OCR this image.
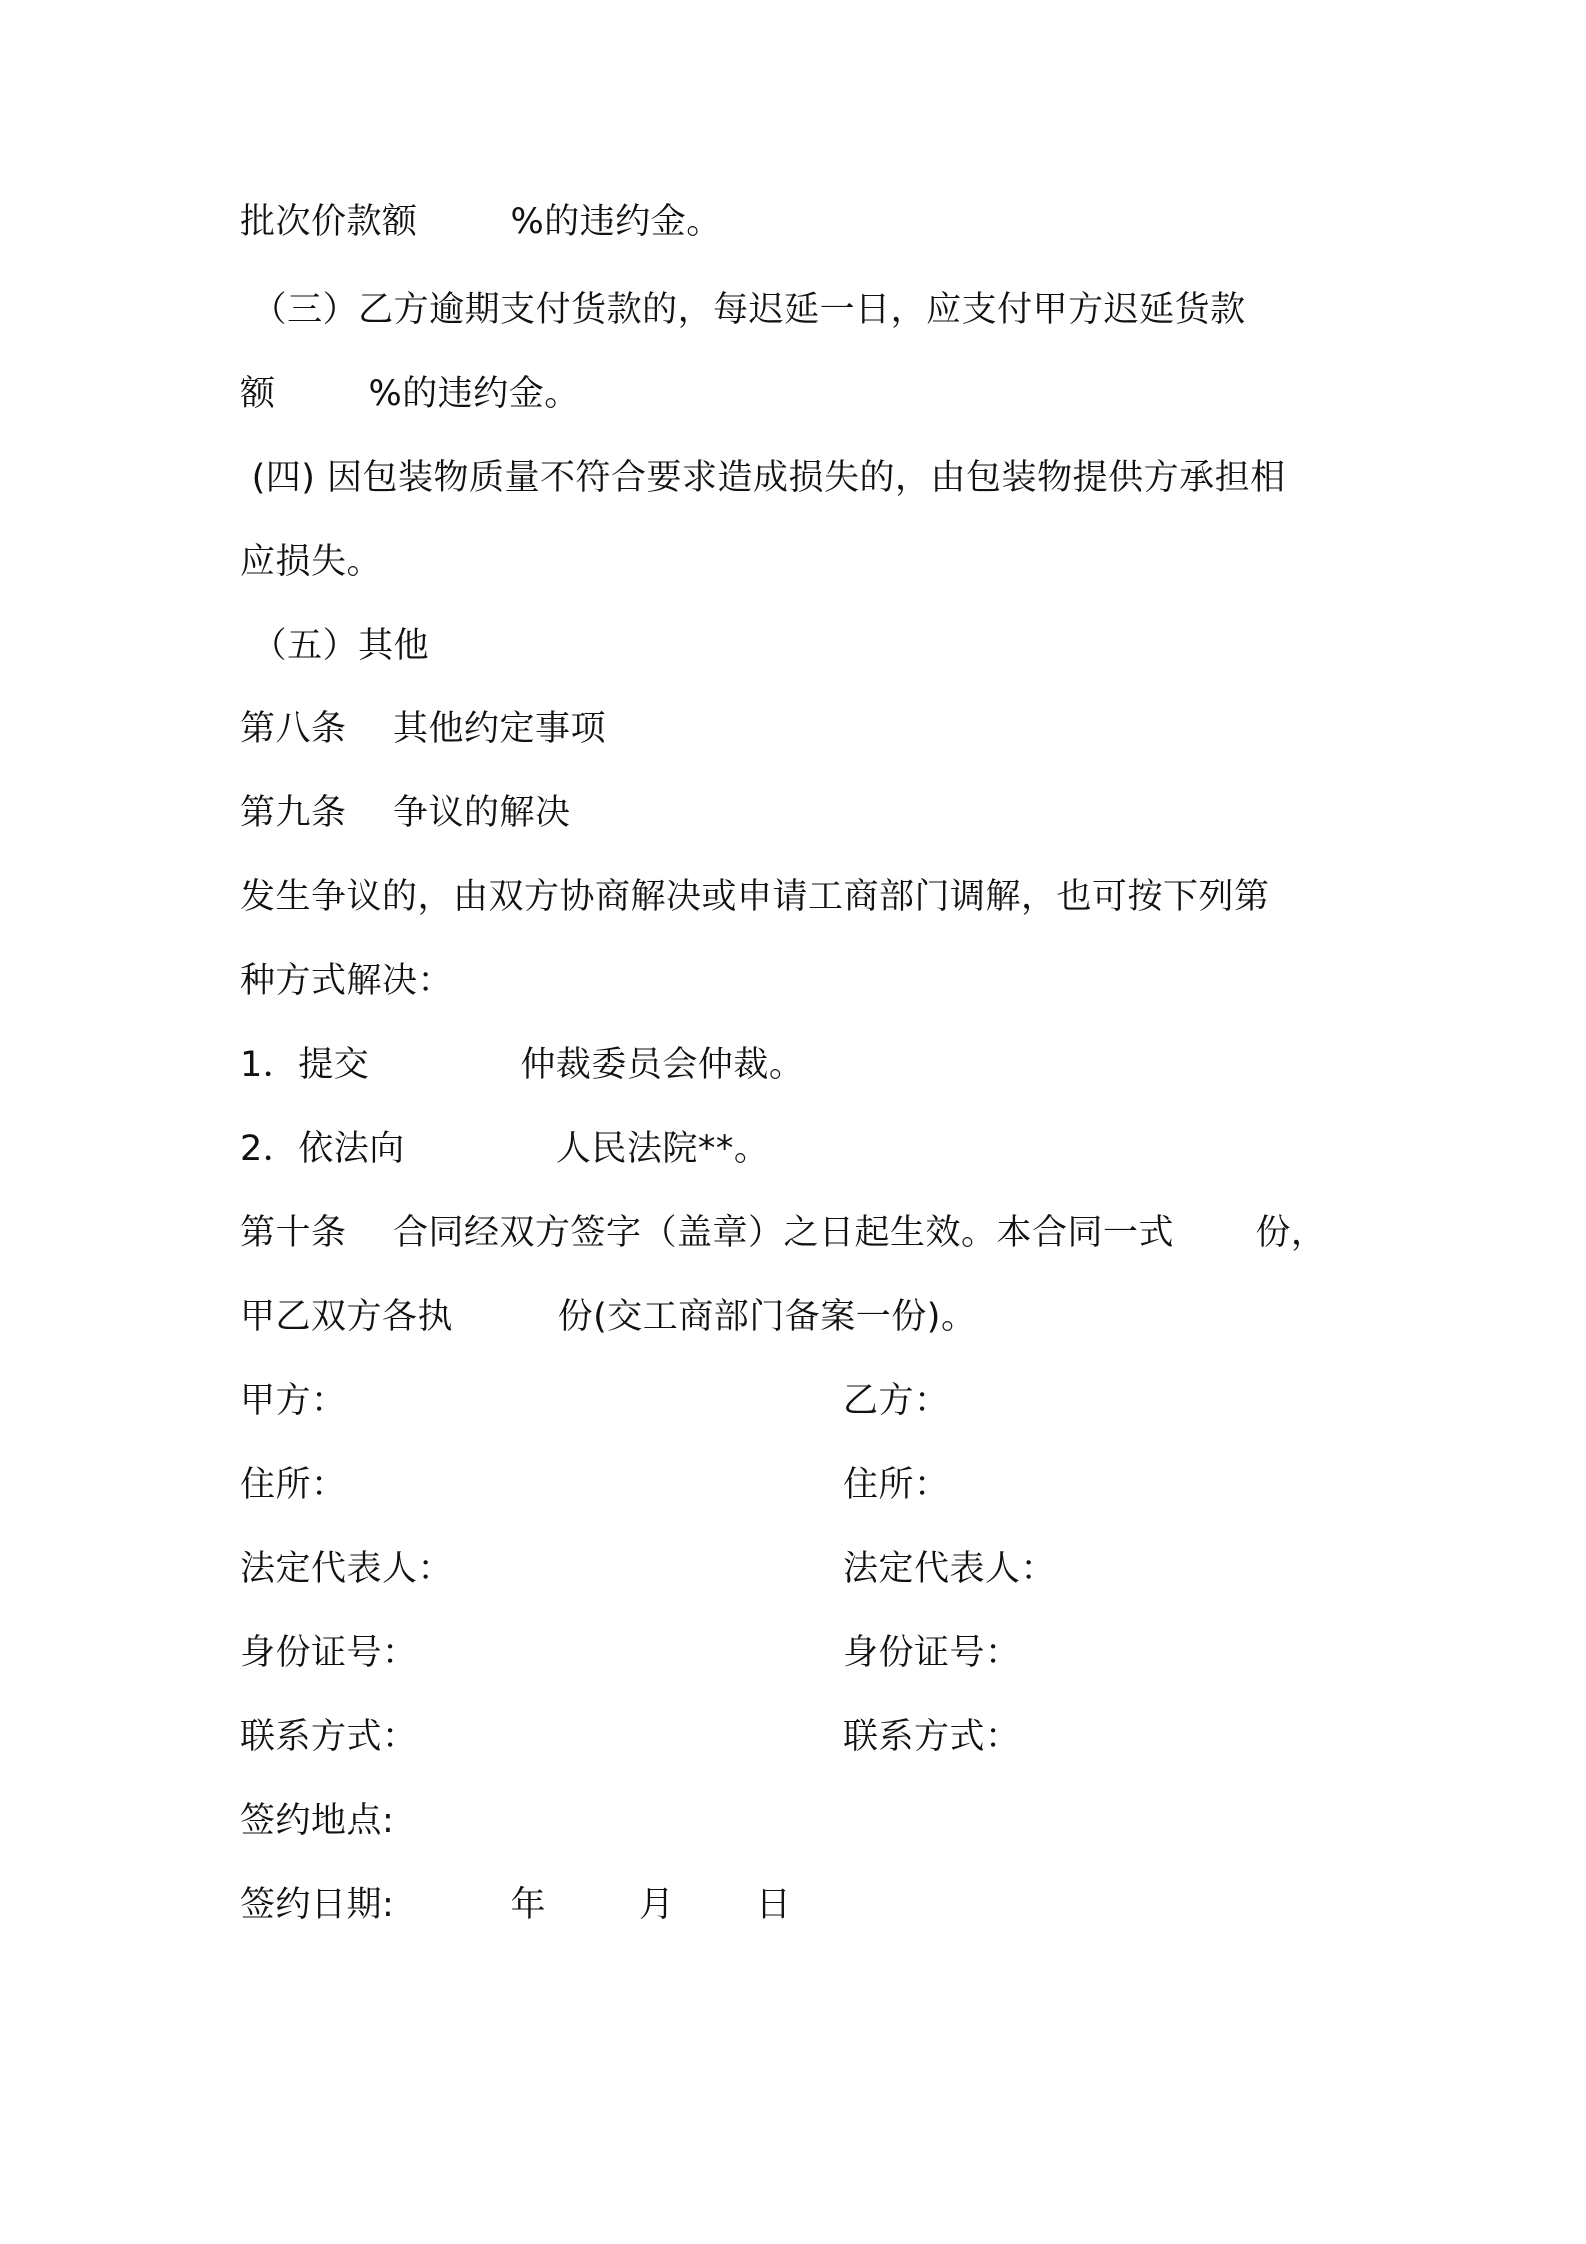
批次价款额        %的违约金。
（三）乙方逾期支付货款的，每迟延一日，应支付甲方迟延货款
额        %的违约金。
(四) 因包装物质量不符合要求造成损失的，由包装物提供方承担相
应损失。
（五）其他
第八条    其他约定事项
第九条    争议的解决
发生争议的，由双方协商解决或申请工商部门调解，也可按下列第
种方式解决：
1．提交             仲裁委员会仲裁。
2．依法向             人民法院**。
第十条    合同经双方签字（盖章）之日起生效。本合同一式       份，
甲乙双方各执         份(交工商部门备案一份)。
甲方：	乙方：
住所：	住所：
法定代表人：	法定代表人：
身份证号：	身份证号：
联系方式：	联系方式：
签约地点:
签约日期:          年        月       日
